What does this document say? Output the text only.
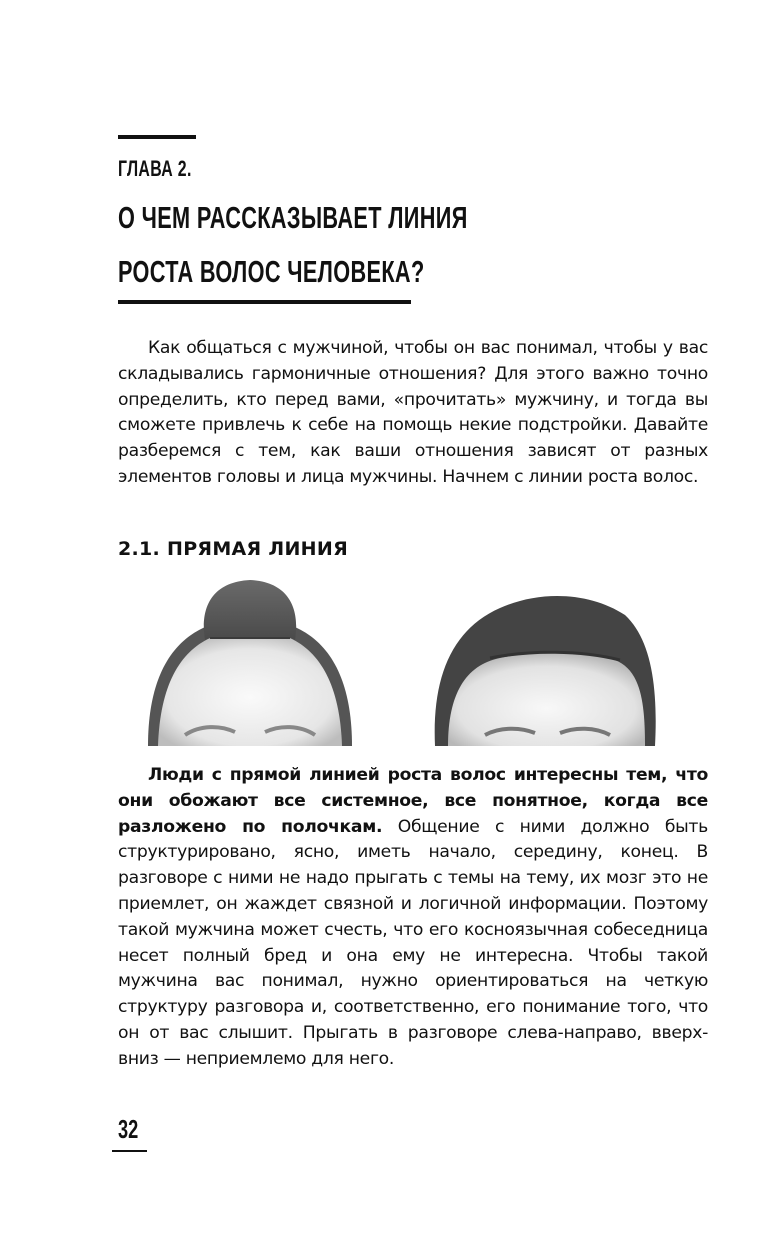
ГЛАВА 2.
О ЧЕМ РАССКАЗЫВАЕТ ЛИНИЯ
РОСТА ВОЛОС ЧЕЛОВЕКА?
Как общаться с мужчиной, чтобы он вас понимал, чтобы у вас складывались гармоничные отношения? Для этого важно точно определить, кто перед вами, «прочитать» мужчину, и тогда вы сможете привлечь к себе на помощь некие подстройки. Давайте разберемся с тем, как ваши отношения зависят от разных элементов головы и лица мужчины. Начнем с линии роста волос.
2.1. ПРЯМАЯ ЛИНИЯ
Люди с прямой линией роста волос интересны тем, что они обожают все системное, все понятное, когда все разложено по полочкам. Общение с ними должно быть структурировано, ясно, иметь начало, середину, конец. В разговоре с ними не надо прыгать с темы на тему, их мозг это не приемлет, он жаждет связной и логичной информации. Поэтому такой мужчина может счесть, что его косноязычная собеседница несет полный бред и она ему не интересна. Чтобы такой мужчина вас понимал, нужно ориентироваться на четкую структуру разговора и, соответственно, его понимание того, что он от вас слышит. Прыгать в разговоре слева-направо, вверх-вниз — неприемлемо для него.
32
